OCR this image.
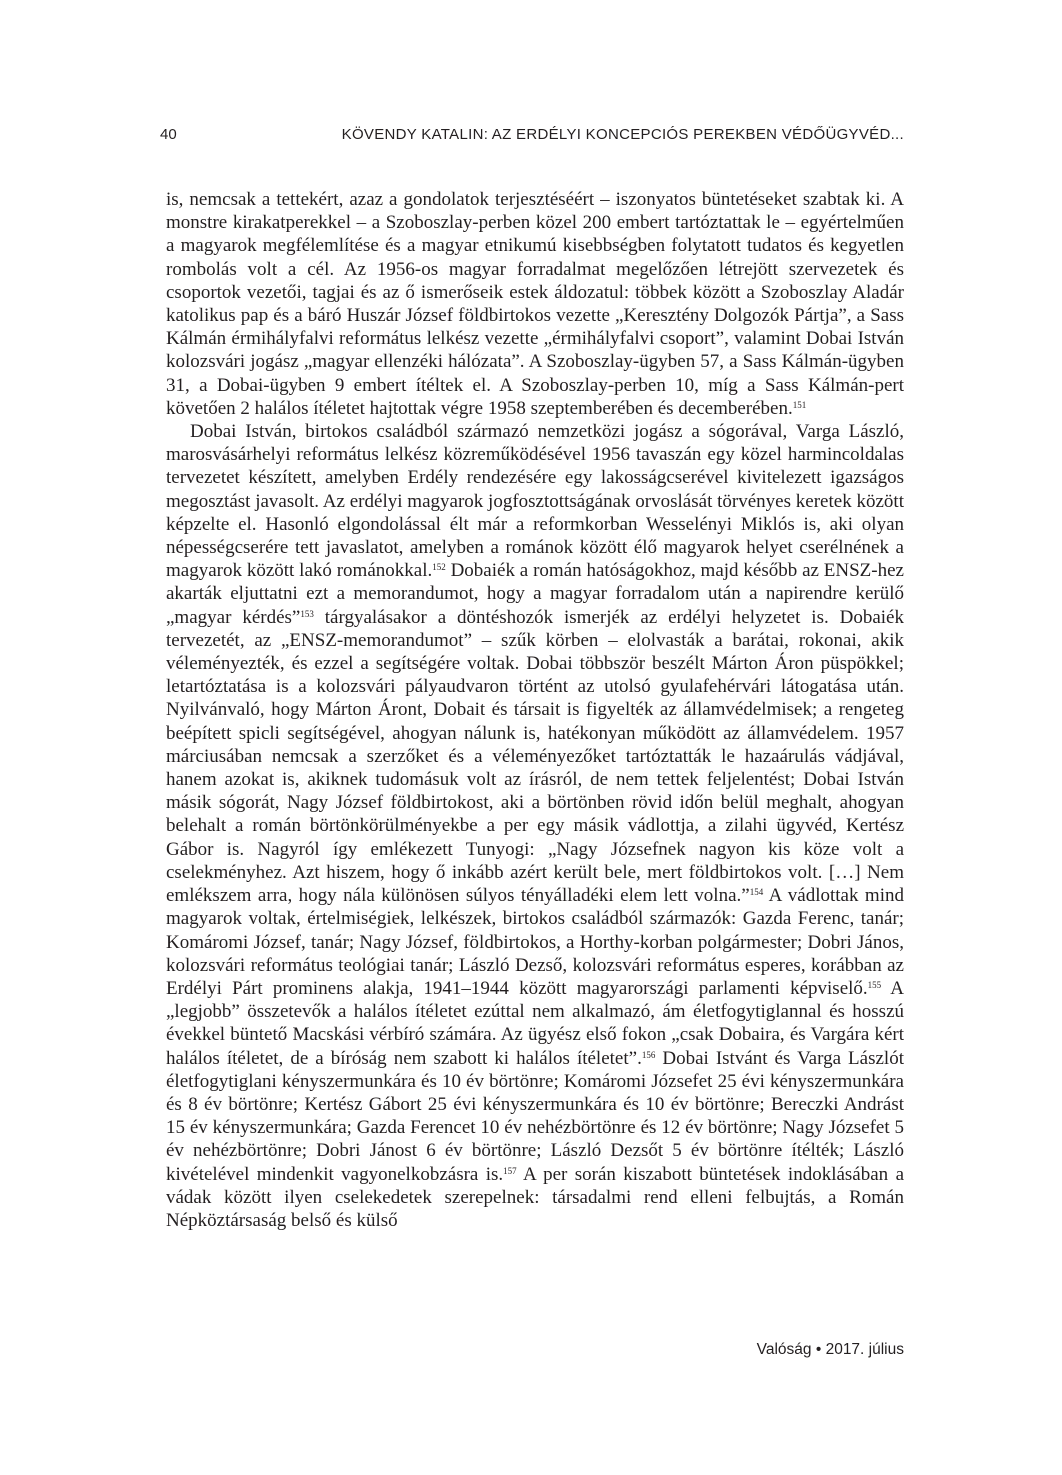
40	KÖVENDY KATALIN: AZ ERDÉLYI KONCEPCIÓS PEREKBEN VÉDŐÜGYVÉD...

is, nemcsak a tettekért, azaz a gondolatok terjesztéséért – iszonyatos büntetéseket szabtak ki. A monstre kirakatperekkel – a Szoboszlay-perben közel 200 embert tartóztattak le – egyértelműen a magyarok megfélemlítése és a magyar etnikumú kisebbségben folytatott tudatos és kegyetlen rombolás volt a cél. Az 1956-os magyar forradalmat megelőzően létrejött szervezetek és csoportok vezetői, tagjai és az ő ismerőseik estek áldozatul: többek között a Szoboszlay Aladár katolikus pap és a báró Huszár József földbirtokos vezette „Keresztény Dolgozók Pártja”, a Sass Kálmán érmihályfalvi református lelkész vezette „érmihályfalvi csoport”, valamint Dobai István kolozsvári jogász „magyar ellenzéki hálózata”. A Szoboszlay-ügyben 57, a Sass Kálmán-ügyben 31, a Dobai-ügyben 9 embert ítéltek el. A Szoboszlay-perben 10, míg a Sass Kálmán-pert követően 2 halálos ítéletet hajtottak végre 1958 szeptemberében és decemberében.$^{151}$

Dobai István, birtokos családból származó nemzetközi jogász a sógorával, Varga László, marosvásárhelyi református lelkész közreműködésével 1956 tavaszán egy közel harmincoldalas tervezetet készített, amelyben Erdély rendezésére egy lakosságcserével kivitelezett igazságos megosztást javasolt. Az erdélyi magyarok jogfosztottságának orvoslását törvényes keretek között képzelte el. Hasonló elgondolással élt már a reformkorban Wesselényi Miklós is, aki olyan népességcserére tett javaslatot, amelyben a románok között élő magyarok helyet cserélnének a magyarok között lakó románokkal.$^{152}$ Dobaiék a román hatóságokhoz, majd később az ENSZ-hez akarták eljuttatni ezt a memorandumot, hogy a magyar forradalom után a napirendre kerülő „magyar kérdés”$^{153}$ tárgyalásakor a döntéshozók ismerjék az erdélyi helyzetet is. Dobaiék tervezetét, az „ENSZ-memorandumot” – szűk körben – elolvasták a barátai, rokonai, akik véleményezték, és ezzel a segítségére voltak. Dobai többször beszélt Márton Áron püspökkel; letartóztatása is a kolozsvári pályaudvaron történt az utolsó gyulafehérvári látogatása után. Nyilvánvaló, hogy Márton Áront, Dobait és társait is figyelték az államvédelmisek; a rengeteg beépített spicli segítségével, ahogyan nálunk is, hatékonyan működött az államvédelem. 1957 márciusában nemcsak a szerzőket és a véleményezőket tartóztatták le hazaárulás vádjával, hanem azokat is, akiknek tudomásuk volt az írásról, de nem tettek feljelentést; Dobai István másik sógorát, Nagy József földbirtokost, aki a börtönben rövid időn belül meghalt, ahogyan belehalt a román börtönkörülményekbe a per egy másik vádlottja, a zilahi ügyvéd, Kertész Gábor is. Nagyról így emlékezett Tunyogi: „Nagy Józsefnek nagyon kis köze volt a cselekményhez. Azt hiszem, hogy ő inkább azért került bele, mert földbirtokos volt. […] Nem emlékszem arra, hogy nála különösen súlyos tényálladéki elem lett volna.”$^{154}$ A vádlottak mind magyarok voltak, értelmiségiek, lelkészek, birtokos családból származók: Gazda Ferenc, tanár; Komáromi József, tanár; Nagy József, földbirtokos, a Horthy-korban polgármester; Dobri János, kolozsvári református teológiai tanár; László Dezső, kolozsvári református esperes, korábban az Erdélyi Párt prominens alakja, 1941–1944 között magyarországi parlamenti képviselő.$^{155}$ A „legjobb” összetevők a halálos ítéletet ezúttal nem alkalmazó, ám életfogytiglannal és hosszú évekkel büntető Macskási vérbíró számára. Az ügyész első fokon „csak Dobaira, és Vargára kért halálos ítéletet, de a bíróság nem szabott ki halálos ítéletet”.$^{156}$ Dobai Istvánt és Varga Lászlót életfogytiglani kényszermunkára és 10 év börtönre; Komáromi Józsefet 25 évi kényszermunkára és 8 év börtönre; Kertész Gábort 25 évi kényszermunkára és 10 év börtönre; Bereczki Andrást 15 év kényszermunkára; Gazda Ferencet 10 év nehézbörtönre és 12 év börtönre; Nagy Józsefet 5 év nehézbörtönre; Dobri Jánost 6 év börtönre; László Dezsőt 5 év börtönre ítélték; László kivételével mindenkit vagyonelkobzásra is.$^{157}$ A per során kiszabott büntetések indoklásában a vádak között ilyen cselekedetek szerepelnek: társadalmi rend elleni felbujtás, a Román Népköztársaság belső és külső

Valóság • 2017. július
